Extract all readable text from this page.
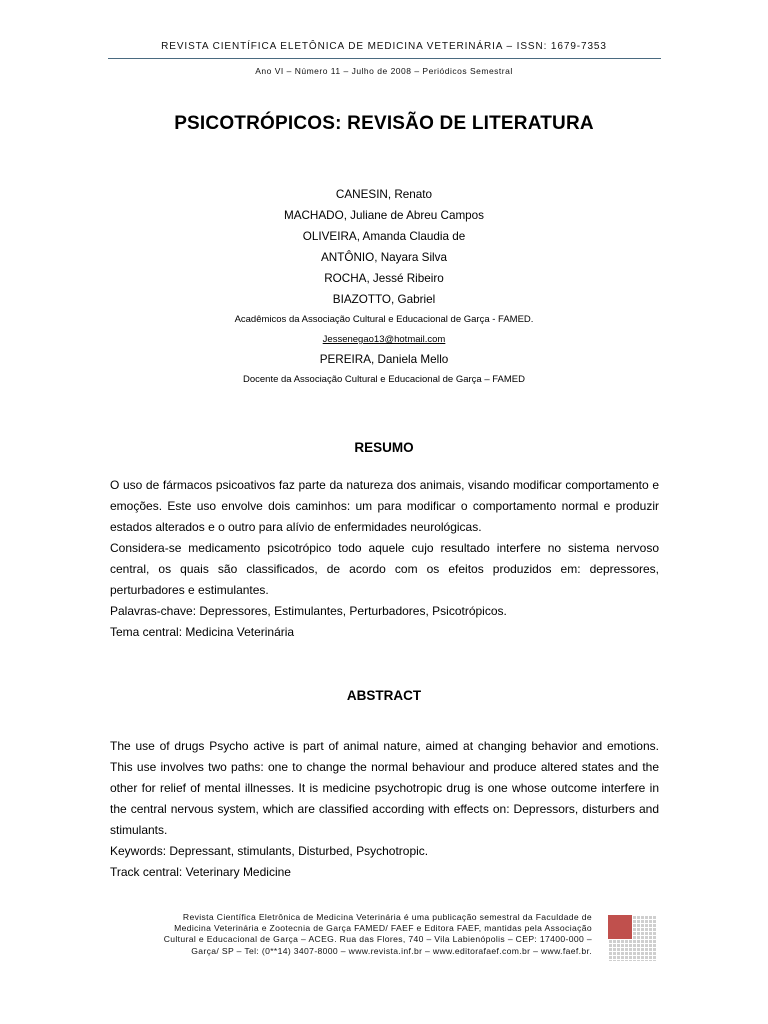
REVISTA CIENTÍFICA ELETÔNICA DE MEDICINA VETERINÁRIA – ISSN: 1679-7353
Ano VI – Número 11 – Julho de 2008 – Periódicos Semestral
PSICOTRÓPICOS: REVISÃO DE LITERATURA
CANESIN, Renato
MACHADO, Juliane de Abreu Campos
OLIVEIRA, Amanda Claudia de
ANTÔNIO, Nayara Silva
ROCHA, Jessé Ribeiro
BIAZOTTO, Gabriel
Acadêmicos da Associação Cultural e Educacional de Garça - FAMED.
Jessenegao13@hotmail.com
PEREIRA, Daniela Mello
Docente da Associação Cultural e Educacional de Garça – FAMED
RESUMO

O uso de fármacos psicoativos faz parte da natureza dos animais, visando modificar comportamento e emoções. Este uso envolve dois caminhos: um para modificar o comportamento normal e produzir estados alterados e o outro para alívio de enfermidades neurológicas.

Considera-se medicamento psicotrópico todo aquele cujo resultado interfere no sistema nervoso central, os quais são classificados, de acordo com os efeitos produzidos em: depressores, perturbadores e estimulantes.

Palavras-chave: Depressores, Estimulantes, Perturbadores, Psicotrópicos.

Tema central: Medicina Veterinária

ABSTRACT

The use of drugs Psycho active is part of animal nature, aimed at changing behavior and emotions. This use involves two paths: one to change the normal behaviour and produce altered states and the other for relief of mental illnesses. It is medicine psychotropic drug is one whose outcome interfere in the central nervous system, which are classified according with effects on: Depressors, disturbers and stimulants.

Keywords: Depressant, stimulants, Disturbed, Psychotropic.

Track central: Veterinary Medicine

Revista Científica Eletrônica de Medicina Veterinária é uma publicação semestral da Faculdade de
Medicina Veterinária e Zootecnia de Garça FAMED/ FAEF e Editora FAEF, mantidas pela Associação
Cultural e Educacional de Garça – ACEG. Rua das Flores, 740 – Vila Labienópolis – CEP: 17400-000 –
Garça/ SP – Tel: (0**14) 3407-8000 – www.revista.inf.br – www.editorafaef.com.br – www.faef.br.
